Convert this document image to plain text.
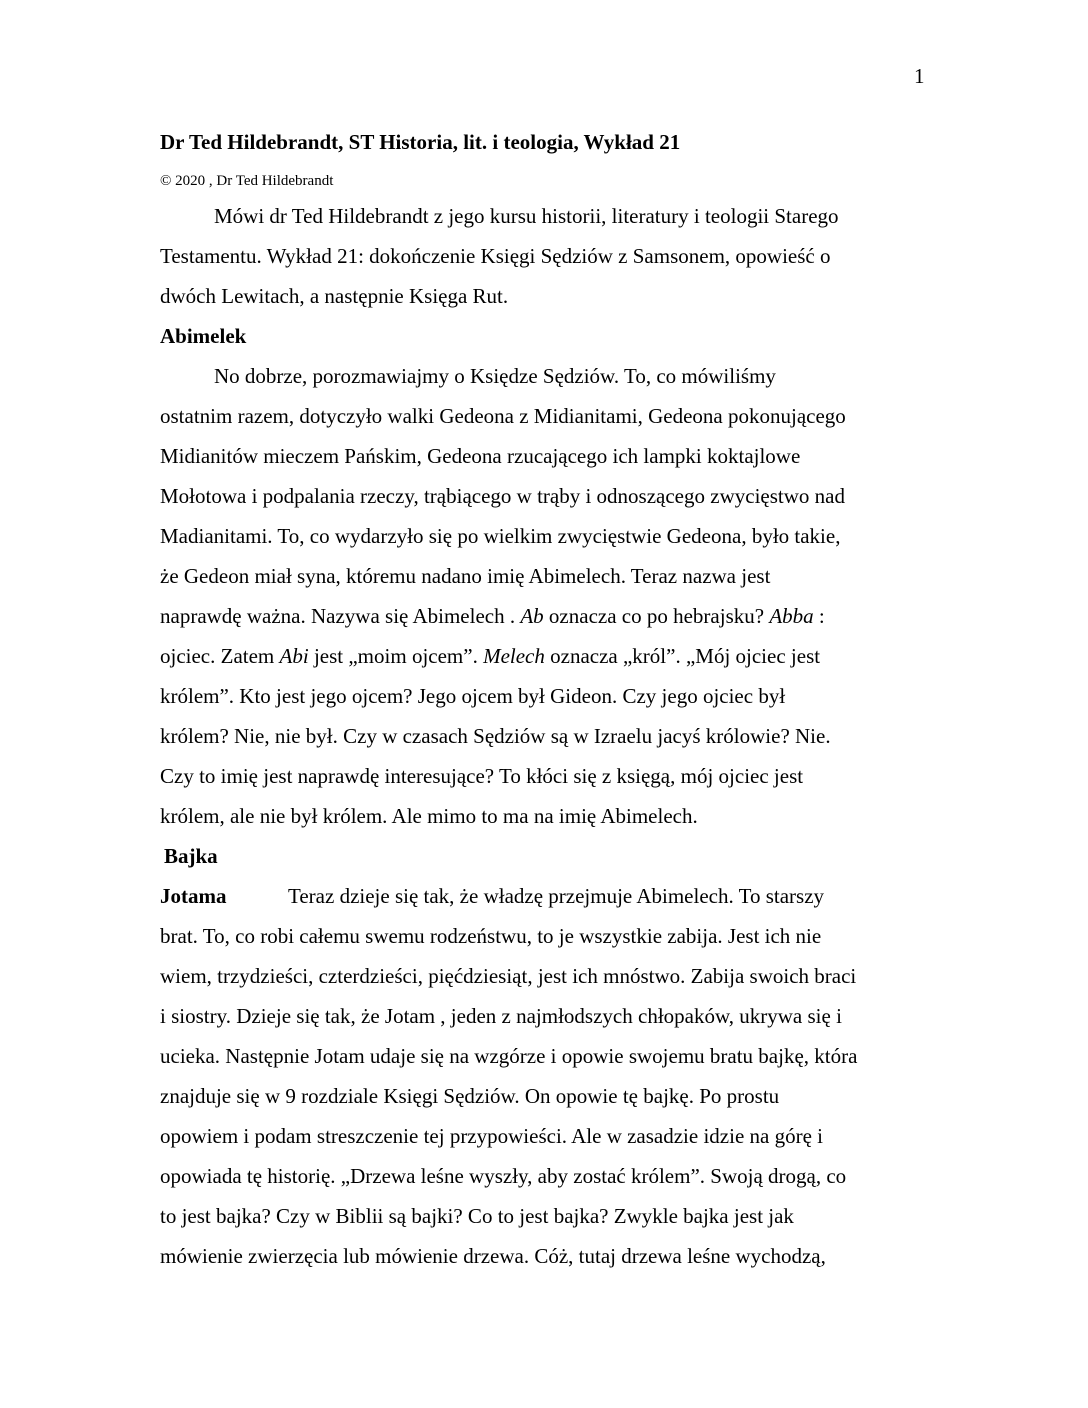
1
Dr Ted Hildebrandt, ST Historia, lit. i teologia, Wykład 21
© 2020 , Dr Ted Hildebrandt
Mówi dr Ted Hildebrandt z jego kursu historii, literatury i teologii Starego
Testamentu. Wykład 21: dokończenie Księgi Sędziów z Samsonem, opowieść o
dwóch Lewitach, a następnie Księga Rut.
Abimelek
No dobrze, porozmawiajmy o Księdze Sędziów. To, co mówiliśmy
ostatnim razem, dotyczyło walki Gedeona z Midianitami, Gedeona pokonującego
Midianitów mieczem Pańskim, Gedeona rzucającego ich lampki koktajlowe
Mołotowa i podpalania rzeczy, trąbiącego w trąby i odnoszącego zwycięstwo nad
Madianitami. To, co wydarzyło się po wielkim zwycięstwie Gedeona, było takie,
że Gedeon miał syna, któremu nadano imię Abimelech. Teraz nazwa jest
naprawdę ważna. Nazywa się Abimelech . Ab oznacza co po hebrajsku? Abba :
ojciec. Zatem Abi jest „moim ojcem”. Melech oznacza „król”. „Mój ojciec jest
królem”. Kto jest jego ojcem? Jego ojcem był Gideon. Czy jego ojciec był
królem? Nie, nie był. Czy w czasach Sędziów są w Izraelu jacyś królowie? Nie.
Czy to imię jest naprawdę interesujące? To kłóci się z księgą, mój ojciec jest
królem, ale nie był królem. Ale mimo to ma na imię Abimelech.
Bajka
Jotama	Teraz dzieje się tak, że władzę przejmuje Abimelech. To starszy
brat. To, co robi całemu swemu rodzeństwu, to je wszystkie zabija. Jest ich nie
wiem, trzydzieści, czterdzieści, pięćdziesiąt, jest ich mnóstwo. Zabija swoich braci
i siostry. Dzieje się tak, że Jotam , jeden z najmłodszych chłopaków, ukrywa się i
ucieka. Następnie Jotam udaje się na wzgórze i opowie swojemu bratu bajkę, która
znajduje się w 9 rozdziale Księgi Sędziów. On opowie tę bajkę. Po prostu
opowiem i podam streszczenie tej przypowieści. Ale w zasadzie idzie na górę i
opowiada tę historię. „Drzewa leśne wyszły, aby zostać królem”. Swoją drogą, co
to jest bajka? Czy w Biblii są bajki? Co to jest bajka? Zwykle bajka jest jak
mówienie zwierzęcia lub mówienie drzewa. Cóż, tutaj drzewa leśne wychodzą,
